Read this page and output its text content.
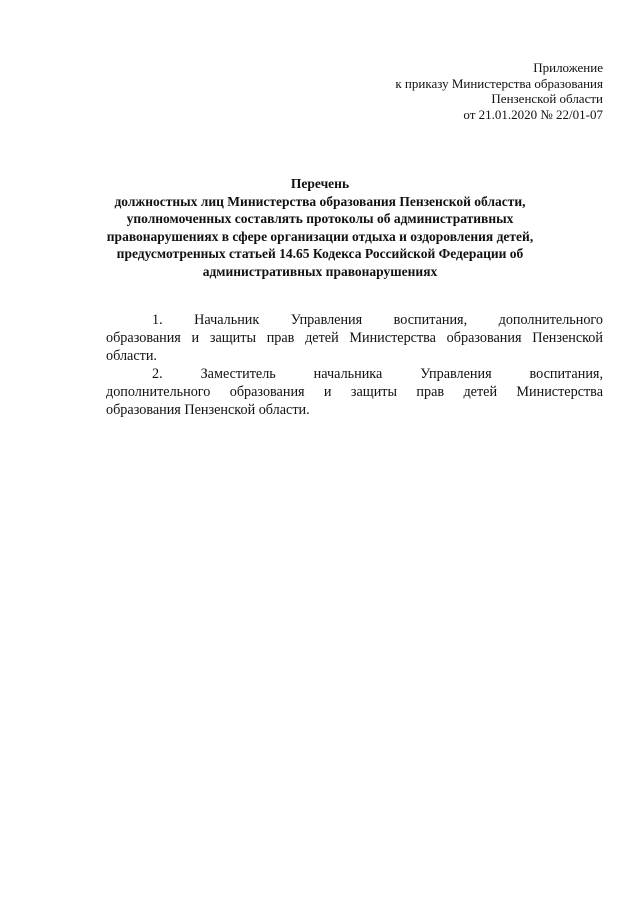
Приложение
к приказу Министерства образования
Пензенской области
от 21.01.2020 № 22/01-07
Перечень
должностных лиц Министерства образования Пензенской области,
уполномоченных составлять протоколы об административных
правонарушениях в сфере организации отдыха и оздоровления детей,
предусмотренных статьей 14.65 Кодекса Российской Федерации об
административных правонарушениях
1. Начальник Управления воспитания, дополнительного
образования и защиты прав детей Министерства образования Пензенской
области.
2. Заместитель начальника Управления воспитания,
дополнительного образования и защиты прав детей Министерства
образования Пензенской области.
